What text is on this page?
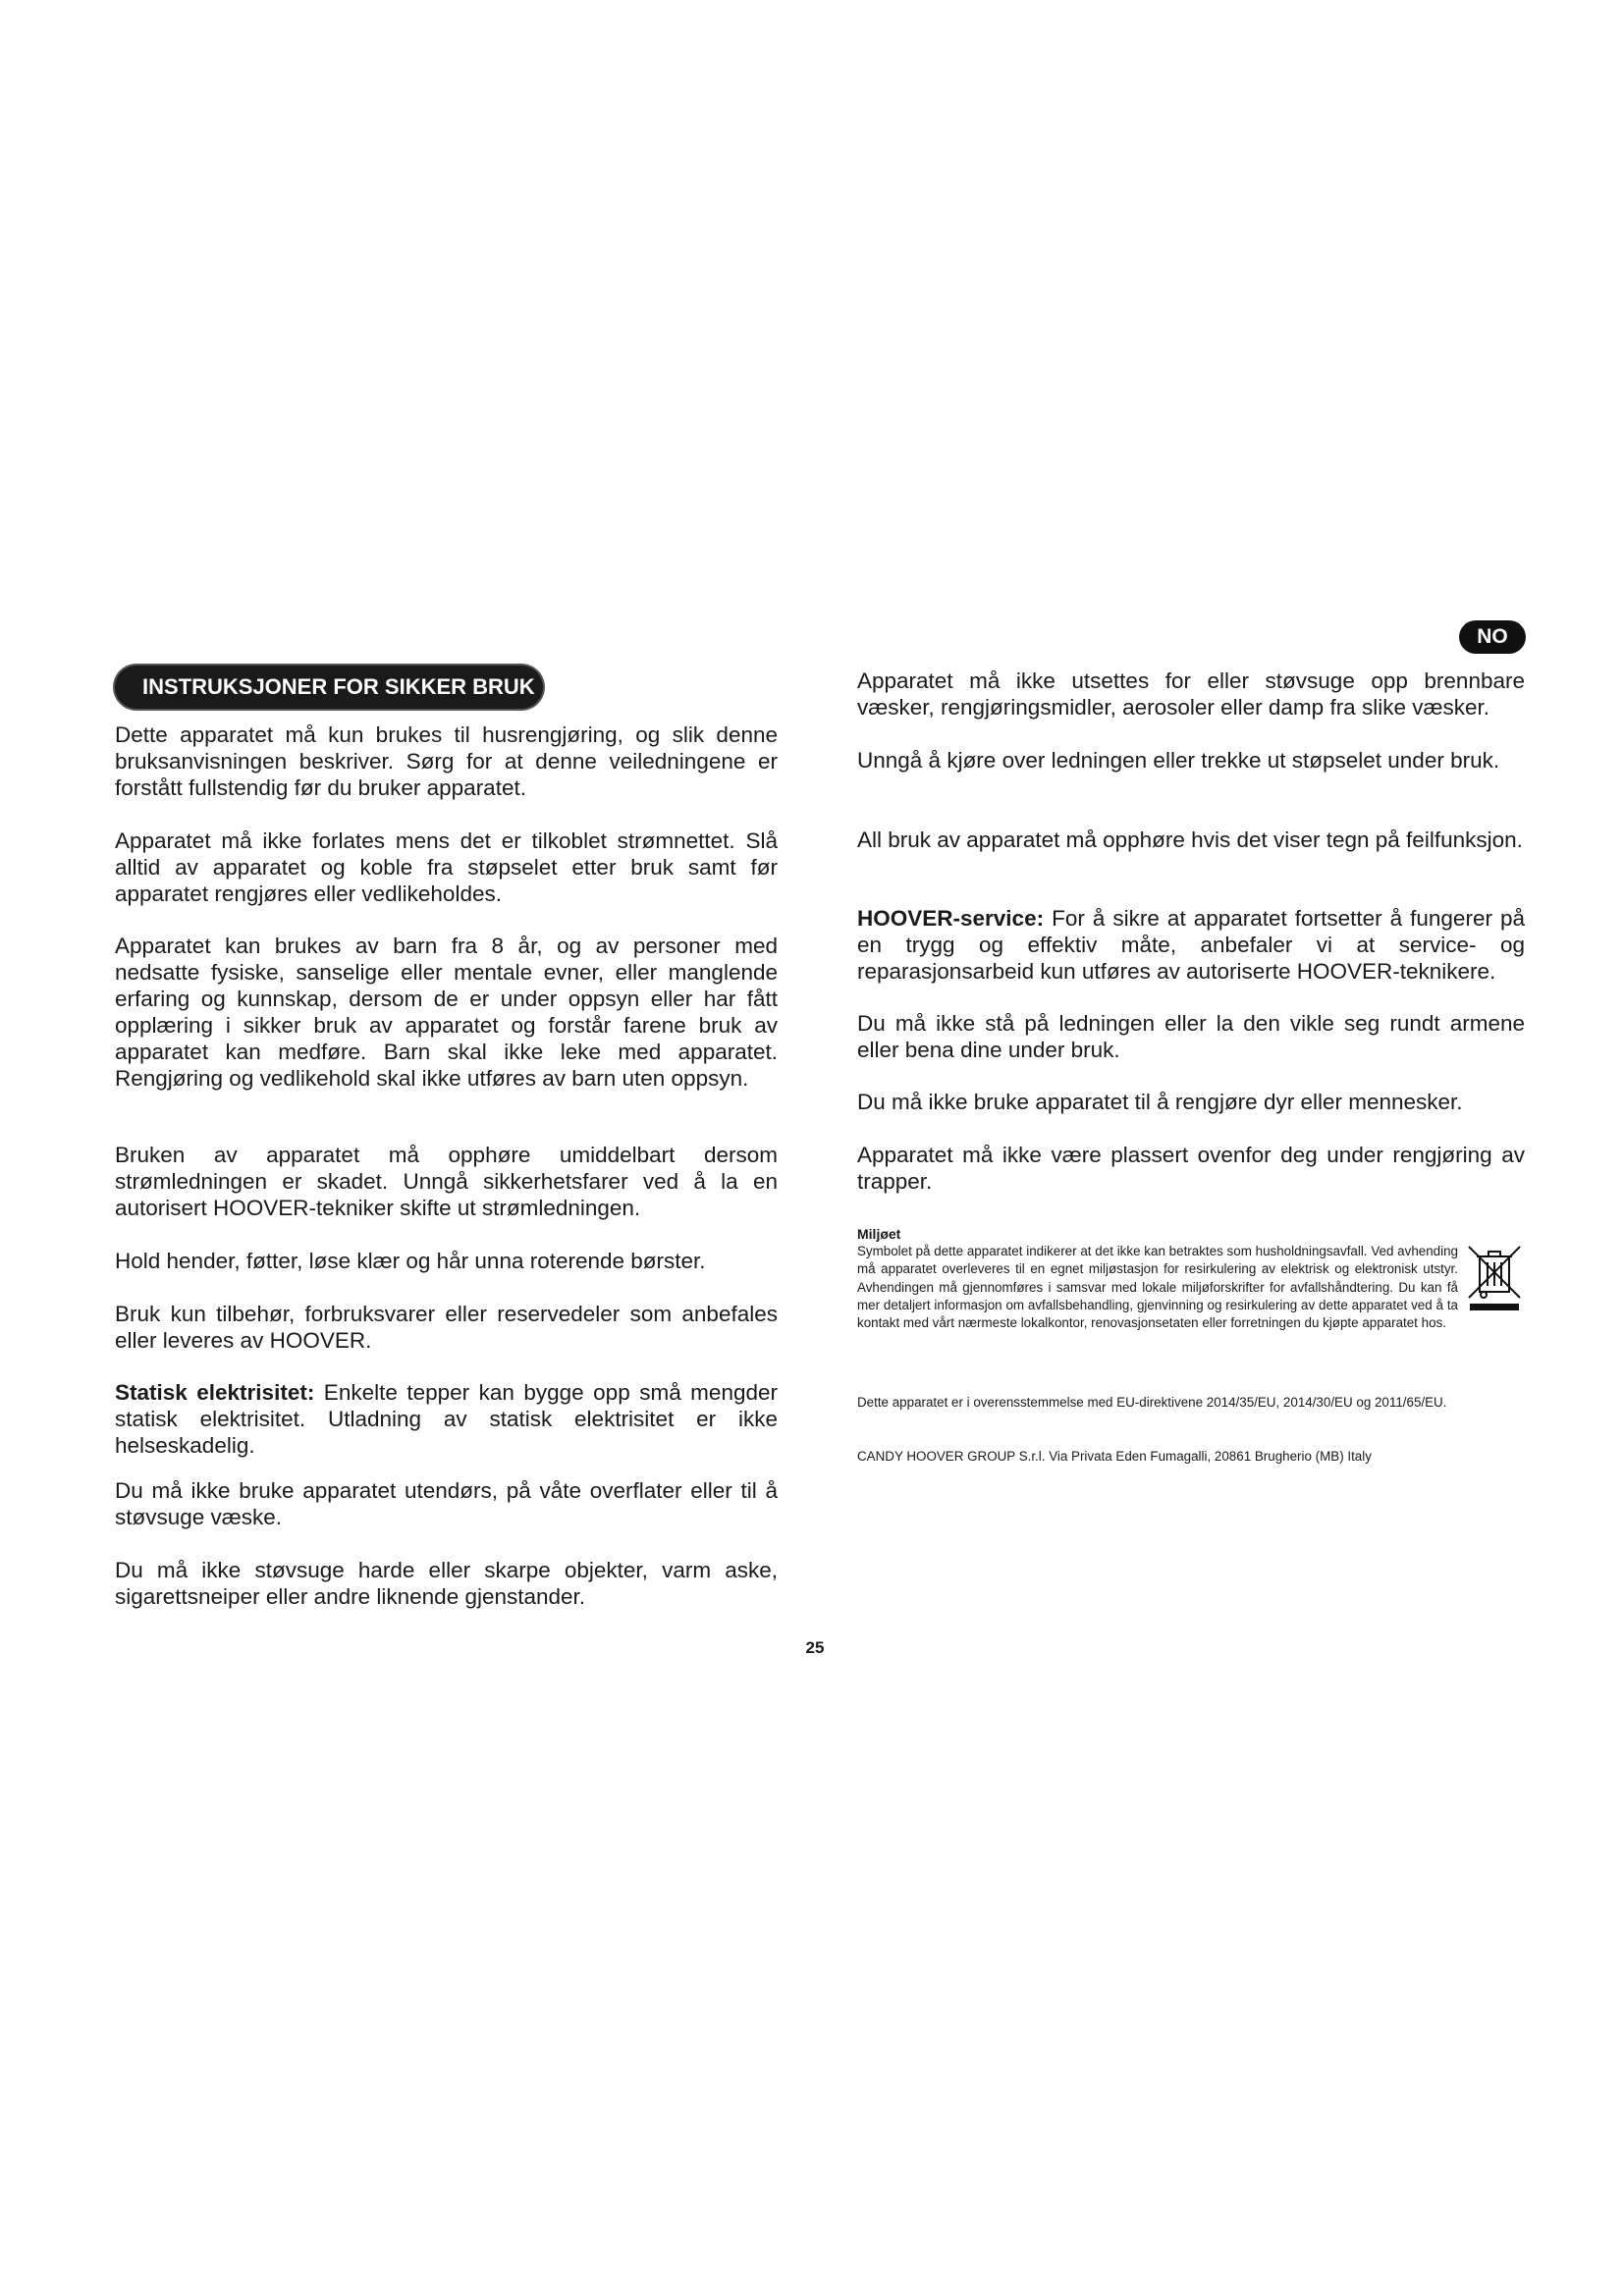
NO
INSTRUKSJONER FOR SIKKER BRUK

Dette apparatet må kun brukes til husrengjøring, og slik denne bruksanvisningen beskriver. Sørg for at denne veiledningene er forstått fullstendig før du bruker apparatet.

Apparatet må ikke forlates mens det er tilkoblet strømnettet. Slå alltid av apparatet og koble fra støpselet etter bruk samt før apparatet rengjøres eller vedlikeholdes.

Apparatet kan brukes av barn fra 8 år, og av personer med nedsatte fysiske, sanselige eller mentale evner, eller manglende erfaring og kunnskap, dersom de er under oppsyn eller har fått opplæring i sikker bruk av apparatet og forstår farene bruk av apparatet kan medføre. Barn skal ikke leke med apparatet. Rengjøring og vedlikehold skal ikke utføres av barn uten oppsyn.

Bruken av apparatet må opphøre umiddelbart dersom strømledningen er skadet. Unngå sikkerhetsfarer ved å la en autorisert HOOVER-tekniker skifte ut strømledningen.

Hold hender, føtter, løse klær og hår unna roterende børster.

Bruk kun tilbehør, forbruksvarer eller reservedeler som anbefales eller leveres av HOOVER.

Statisk elektrisitet: Enkelte tepper kan bygge opp små mengder statisk elektrisitet. Utladning av statisk elektrisitet er ikke helseskadelig.

Du må ikke bruke apparatet utendørs, på våte overflater eller til å støvsuge væske.

Du må ikke støvsuge harde eller skarpe objekter, varm aske, sigarettsneiper eller andre liknende gjenstander.

Apparatet må ikke utsettes for eller støvsuge opp brennbare væsker, rengjøringsmidler, aerosoler eller damp fra slike væsker.

Unngå å kjøre over ledningen eller trekke ut støpselet under bruk.

All bruk av apparatet må opphøre hvis det viser tegn på feilfunksjon.

HOOVER-service: For å sikre at apparatet fortsetter å fungerer på en trygg og effektiv måte, anbefaler vi at service- og reparasjonsarbeid kun utføres av autoriserte HOOVER-teknikere.

Du må ikke stå på ledningen eller la den vikle seg rundt armene eller bena dine under bruk.

Du må ikke bruke apparatet til å rengjøre dyr eller mennesker.

Apparatet må ikke være plassert ovenfor deg under rengjøring av trapper.

Miljøet

Symbolet på dette apparatet indikerer at det ikke kan betraktes som husholdningsavfall. Ved avhending må apparatet overleveres til en egnet miljøstasjon for resirkulering av elektrisk og elektronisk utstyr. Avhendingen må gjennomføres i samsvar med lokale miljøforskrifter for avfallshåndtering. Du kan få mer detaljert informasjon om avfallsbehandling, gjenvinning og resirkulering av dette apparatet ved å ta kontakt med vårt nærmeste lokalkontor, renovasjonsetaten eller forretningen du kjøpte apparatet hos.

Dette apparatet er i overensstemmelse med EU-direktivene 2014/35/EU, 2014/30/EU og 2011/65/EU.

CANDY HOOVER GROUP S.r.l. Via Privata Eden Fumagalli, 20861 Brugherio (MB) Italy

25
